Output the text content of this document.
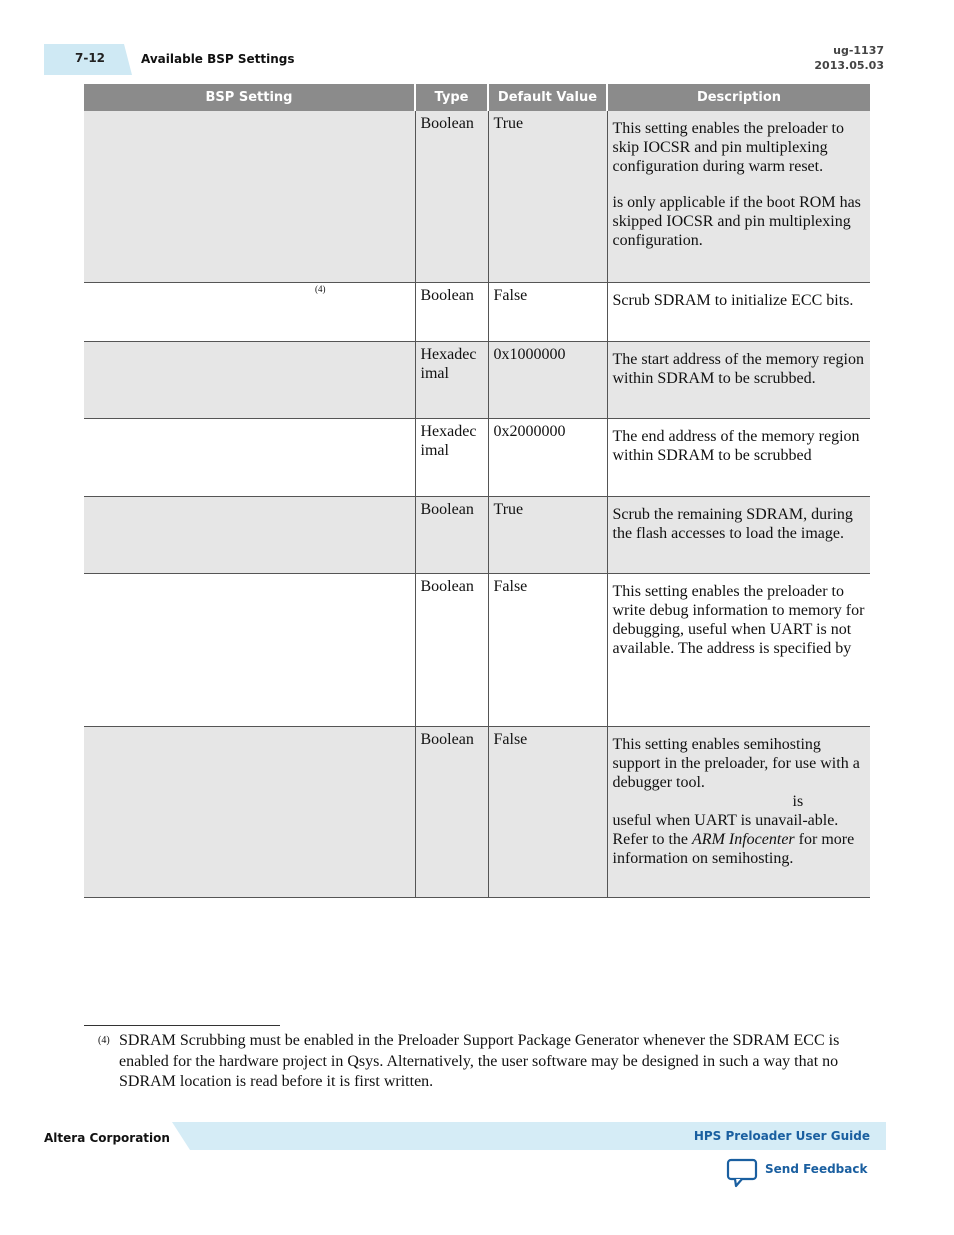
7-12	Available BSP Settings
ug-1137
2013.05.03
BSP Setting	Type	Default Value	Description
	Boolean	True	This setting enables the preloader to skip IOCSR and pin multiplexing configuration during warm reset.
is only applicable if the boot ROM has skipped IOCSR and pin multiplexing configuration.

$^{(4)}$	Boolean	False	Scrub SDRAM to initialize ECC bits.

	Hexadec imal	0x1000000	The start address of the memory region within SDRAM to be scrubbed.

	Hexadec imal	0x2000000	The end address of the memory region within SDRAM to be scrubbed

	Boolean	True	Scrub the remaining SDRAM, during the flash accesses to load the image.

	Boolean	False	This setting enables the preloader to write debug information to memory for debugging, useful when UART is not available. The address is specified by

	Boolean	False	This setting enables semihosting support in the preloader, for use with a debugger tool.
is
useful when UART is unavail-able. Refer to the ARM Infocenter for more information on semihosting.
(4) SDRAM Scrubbing must be enabled in the Preloader Support Package Generator whenever the SDRAM ECC is enabled for the hardware project in Qsys. Alternatively, the user software may be designed in such a way that no SDRAM location is read before it is first written.
Altera Corporation	HPS Preloader User Guide
Send Feedback
